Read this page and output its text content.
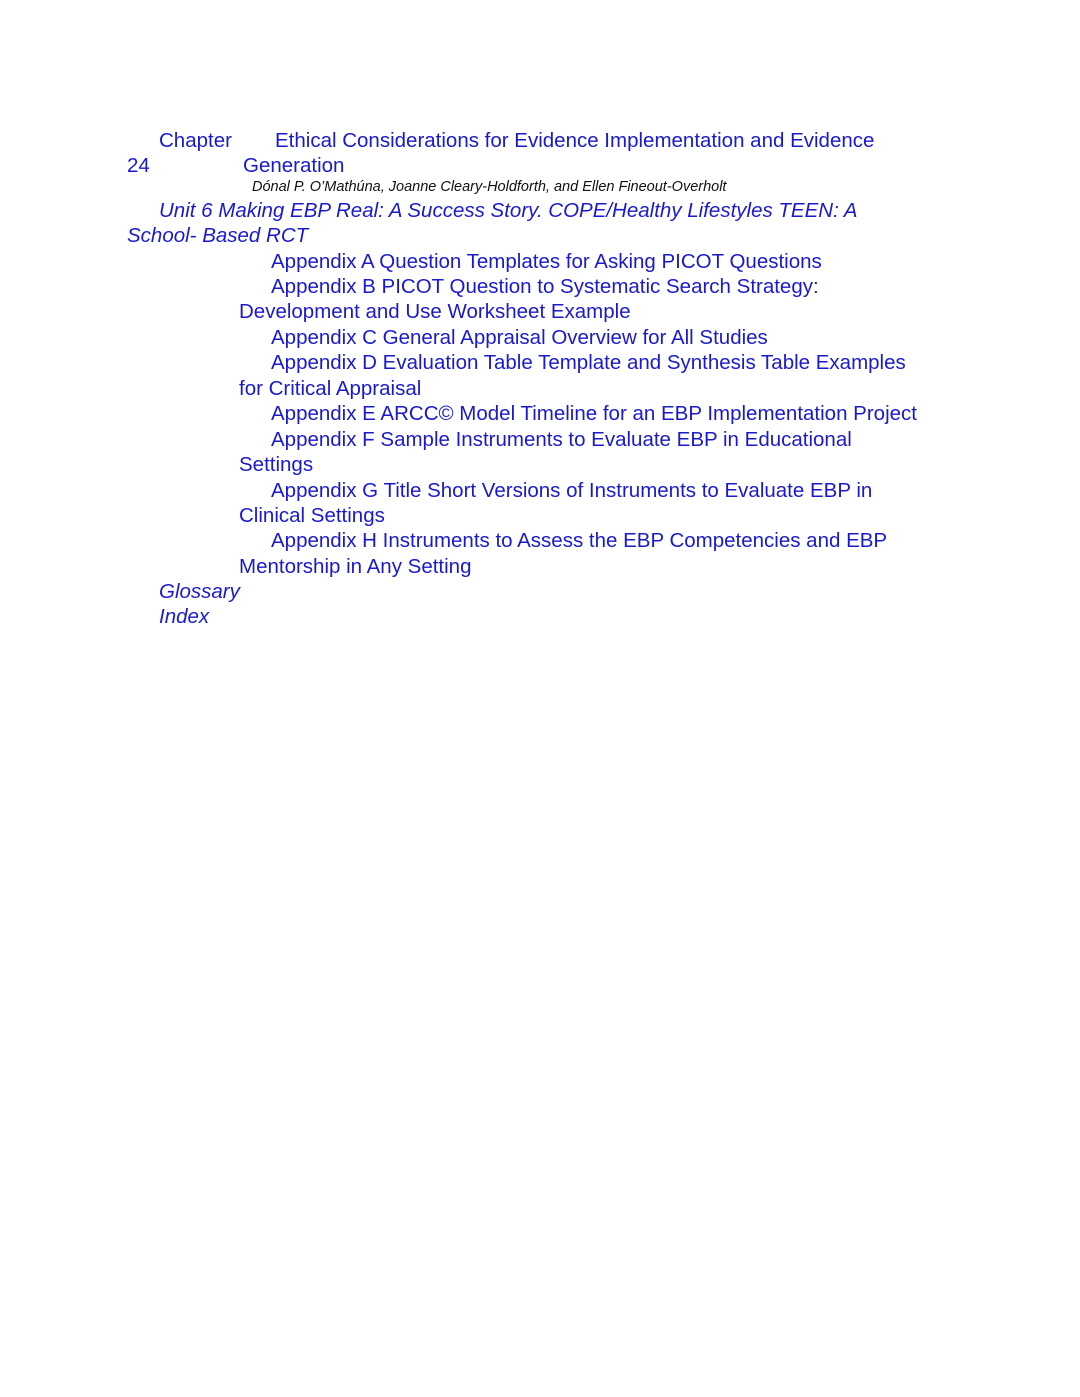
Chapter
24
Ethical Considerations for Evidence Implementation and Evidence
Generation
Dónal P. O’Mathúna, Joanne Cleary-Holdforth, and Ellen Fineout-Overholt
Unit 6 Making EBP Real: A Success Story. COPE/Healthy Lifestyles TEEN: A
School- Based RCT
Appendix A Question Templates for Asking PICOT Questions
Appendix B PICOT Question to Systematic Search Strategy:
Development and Use Worksheet Example
Appendix C General Appraisal Overview for All Studies
Appendix D Evaluation Table Template and Synthesis Table Examples
for Critical Appraisal
Appendix E ARCC© Model Timeline for an EBP Implementation Project
Appendix F Sample Instruments to Evaluate EBP in Educational
Settings
Appendix G Title Short Versions of Instruments to Evaluate EBP in
Clinical Settings
Appendix H Instruments to Assess the EBP Competencies and EBP
Mentorship in Any Setting
Glossary
Index
